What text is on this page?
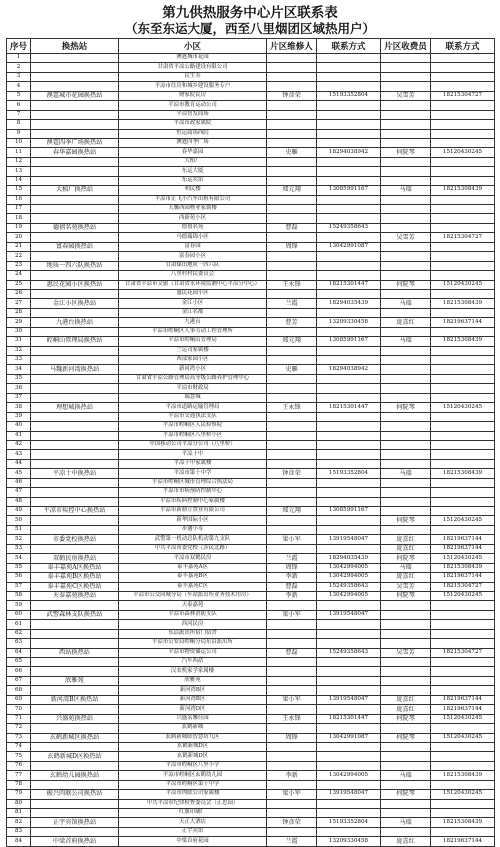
第九供热服务中心片区联系表
（东至东运大厦，西至八里烟团区域热用户）
序号	换热站	小区	片区维修人	联系方式	片区收费员	联系方式
1		澳霆城市花园				
2		甘肃省平凉公路建设有限公司				
3		民生寿				
4		平凉市住房和城乡建设服务专户				
5	澳霆城市花园换热站	财家院民房	钟彦荣	15193352804	吴雪芳	18215304727
6		平凉市教育运动公司				
7		平凉智发商场				
8		平凉市政家属院				
9		恒运商场西院				
10	澳霆四季广场换热站	澳霆四季广场				
11	春华嘉园换热站	春华嘉园	史雁	18294038942	何院琴	15120430245
12		大植厂				
13		东运大厦				
14		东运宾馆				
15	大植厂换热站	利民楼	郑元翔	13085991167	马瑞	18215308439
16		平凉市正飞小汽车出租有限公司				
17		天馨西园物业家属楼				
18		西新苑小区				
19	德禧名苑换热站	德禧名苑	曹磊	15249358643		
20		马德瑞锦小区			吴雪芳	18215304727
21	富春园换热站	富春园	周锋	13042991087		
22		富春园小区				
23	地质一四六队换热站	甘肃煤田地质一四六队				
24		八里村村民委员会				
25	惠民花园小区换热站	甘肃省平凉市文旅（甘肃省水环境监测中心平凉分中心）	王永锋	18215301447	何院琴	15120430245
26		惠民花园小区				
27	金江小区换热站	金江小区	兰霞	18294035439	马瑞	18215308439
28		金江名都				
29	九港台换热站	九港台	曹芳	13209330458	庞喜红	18219637144
30		平凉市崆峒区人事劳动工程管理所				
31	崆峒山管理局换热站	平凉市崆峒山管理局	郑元翔	13085991167	马瑞	18215308439
32		兰运司家属楼				
33		西部家园小区				
34	马魏新河湾换热站	新河湾小区	史雁	18294038942		
35		甘肃省平凉公路管理局高等级公路养护管理中心				
36		平凉市财政局				
37		瑞慧城				
38	理想城换热站	平凉市道路运输管理局	王永锋	18215301447	何院琴	15120430245
39		平凉市交通执法支队				
40		平凉市崆峒区人民检察院				
41		平凉市崆峒区八里桥小区				
42		中国移动公司平凉分公司（八里桥）				
43		平凉十中				
44		平凉十中家属楼				
45	平凉十中换热站	平凉市第十中学	钟彦荣	15193352804	马瑞	18215308439
46		平凉市崆峒区城市管理综合执法局				
47		平凉市市病预防控制中心				
48		平凉市疾病控制中心家属楼				
49	平凉市疾控中心换热站	平凉市新鼎立置业有限公司	郑元翔	13085991167		
50		新华国际小区			何院琴	15120430245
51		步遇小寿				
52	市委党校换热站	武警第一机动总队机动第九支队	梁小军	13919548047	庞喜红	18219637144
53		中共平凉市委党校（涉民北路）			庞喜红	18219637144
54	双鹤民房换热站	平凉市双鹤民房	兰霞	18294035439	何院琴	15120430245
55	泰丰嘉苑A区换热站	泰丰嘉苑A区	周锋	13042994005	马瑞	18215308439
56	泰丰嘉苑B区换热站	泰丰嘉苑B区	李新	13042994005	庞喜红	18219637144
57	泰丰嘉苑C区换热站	泰丰嘉苑C区	曹磊	15249358643	吴雪芳	18215304727
58	天泰嘉苑换热站	平凉市公交同城分局（车站派出所业务技术用房）	李新	13042994005	何院琴	15120430245
59		天泰嘉苑				
60	武警森林支队换热站	平凉市森林消防支队	梁小军	13919548047		
61		西河民房				
62		东沿派出所宿门宿舍				
63		平凉市公安局崆峒分局东沿派出所				
64	西站换热站	平凉市物资储运公司	曹磊	15249358643	吴雪芳	18215304727
65		汽车西站				
66		汉农机家学家属楼				
67	欣雅苑	欣雅苑				
68		新河湾B区				
69	新河湾B区换热站	新河湾B区	梁小军	13919548047	庞喜红	18219637144
70		新河湾D区			庞喜红	18219637144
71	兴盛苑换热站	兴盛名馨佳园	王永锋	18215301447	何院琴	15120430245
72		玄鹤新城				
73	玄鹤新城区换热站	玄鹤新城联智慧坊九区	周锋	13042991087	何院琴	15120430245
74		玄鹤新城D区				
75	玄鹤新城D区换热站	玄鹤新城D区				
76		平凉市崆峒区八里小学				
77	玄鹤幼儿园换热站	平凉市崆峒区玄鹤幼儿园	李新	13042994005	马瑞	18215308439
78		平凉市崆峒区第十中学				
79	振兴肉联公司换热站	平凉市肉联公司家属楼	梁小军	13919548047	何院琴	15120430245
80		中共平凉市纪律检查委员会（正思园）				
81		红旗印刷厂				
82	正宇宾馆换热站	天正大酒店	钟彦荣	15193352804	马瑞	18215308439
83		正宇宾馆				
84	中梁首府换热站	中梁首府花园	兰霞	13209330458	庞喜红	18219637144
